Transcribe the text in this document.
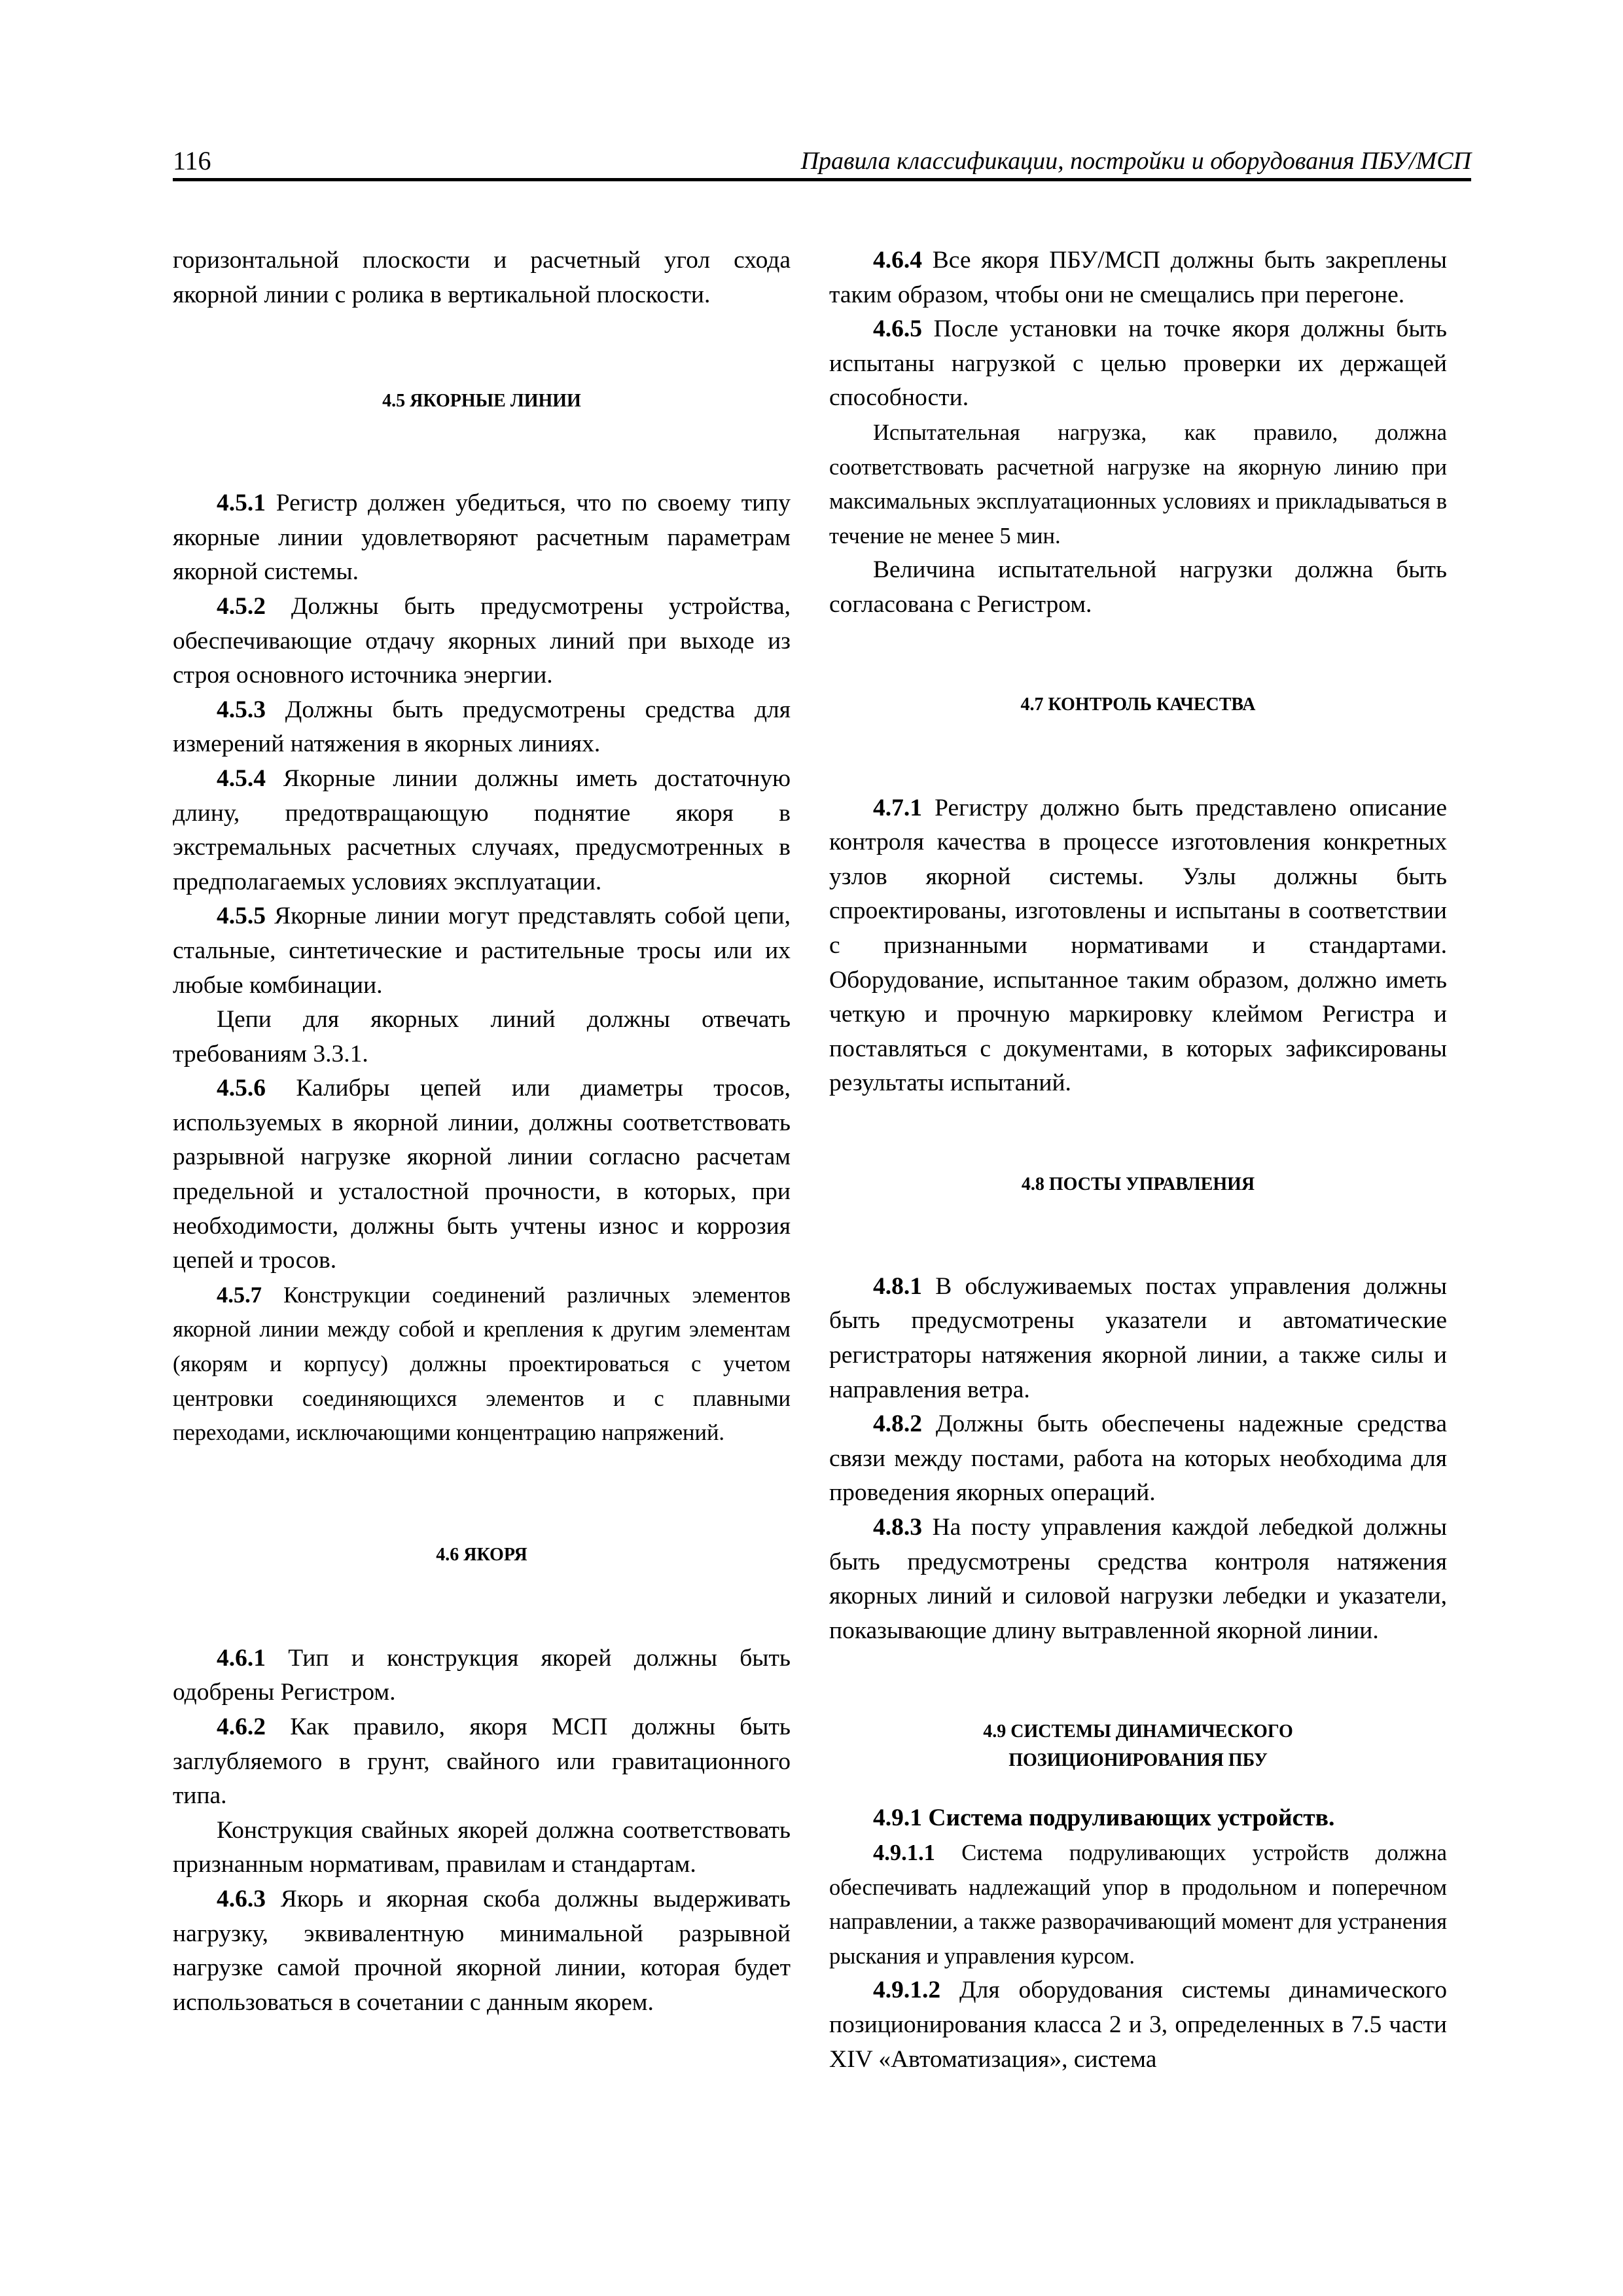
116	Правила классификации, постройки и оборудования ПБУ/МСП

горизонтальной плоскости и расчетный угол схода якорной линии с ролика в вертикальной плоскости.

4.5 ЯКОРНЫЕ ЛИНИИ

4.5.1 Регистр должен убедиться, что по своему типу якорные линии удовлетворяют расчетным параметрам якорной системы.

4.5.2 Должны быть предусмотрены устройства, обеспечивающие отдачу якорных линий при выходе из строя основного источника энергии.

4.5.3 Должны быть предусмотрены средства для измерений натяжения в якорных линиях.

4.5.4 Якорные линии должны иметь достаточную длину, предотвращающую поднятие якоря в экстремальных расчетных случаях, предусмотренных в предполагаемых условиях эксплуатации.

4.5.5 Якорные линии могут представлять собой цепи, стальные, синтетические и растительные тросы или их любые комбинации.

Цепи для якорных линий должны отвечать требованиям 3.3.1.

4.5.6 Калибры цепей или диаметры тросов, используемых в якорной линии, должны соответствовать разрывной нагрузке якорной линии согласно расчетам предельной и усталостной прочности, в которых, при необходимости, должны быть учтены износ и коррозия цепей и тросов.

4.5.7 Конструкции соединений различных элементов якорной линии между собой и крепления к другим элементам (якорям и корпусу) должны проектироваться с учетом центровки соединяющихся элементов и с плавными переходами, исключающими концентрацию напряжений.

4.6 ЯКОРЯ

4.6.1 Тип и конструкция якорей должны быть одобрены Регистром.

4.6.2 Как правило, якоря МСП должны быть заглубляемого в грунт, свайного или гравитационного типа.

Конструкция свайных якорей должна соответствовать признанным нормативам, правилам и стандартам.

4.6.3 Якорь и якорная скоба должны выдерживать нагрузку, эквивалентную минимальной разрывной нагрузке самой прочной якорной линии, которая будет использоваться в сочетании с данным якорем.

4.6.4 Все якоря ПБУ/МСП должны быть закреплены таким образом, чтобы они не смещались при перегоне.

4.6.5 После установки на точке якоря должны быть испытаны нагрузкой с целью проверки их держащей способности.

Испытательная нагрузка, как правило, должна соответствовать расчетной нагрузке на якорную линию при максимальных эксплуатационных условиях и прикладываться в течение не менее 5 мин.

Величина испытательной нагрузки должна быть согласована с Регистром.

4.7 КОНТРОЛЬ КАЧЕСТВА

4.7.1 Регистру должно быть представлено описание контроля качества в процессе изготовления конкретных узлов якорной системы. Узлы должны быть спроектированы, изготовлены и испытаны в соответствии с признанными нормативами и стандартами. Оборудование, испытанное таким образом, должно иметь четкую и прочную маркировку клеймом Регистра и поставляться с документами, в которых зафиксированы результаты испытаний.

4.8 ПОСТЫ УПРАВЛЕНИЯ

4.8.1 В обслуживаемых постах управления должны быть предусмотрены указатели и автоматические регистраторы натяжения якорной линии, а также силы и направления ветра.

4.8.2 Должны быть обеспечены надежные средства связи между постами, работа на которых необходима для проведения якорных операций.

4.8.3 На посту управления каждой лебедкой должны быть предусмотрены средства контроля натяжения якорных линий и силовой нагрузки лебедки и указатели, показывающие длину вытравленной якорной линии.

4.9 СИСТЕМЫ ДИНАМИЧЕСКОГО
ПОЗИЦИОНИРОВАНИЯ ПБУ

4.9.1 Система подруливающих устройств.

4.9.1.1 Система подруливающих устройств должна обеспечивать надлежащий упор в продольном и поперечном направлении, а также разворачивающий момент для устранения рыскания и управления курсом.

4.9.1.2 Для оборудования системы динамического позиционирования класса 2 и 3, определенных в 7.5 части XIV «Автоматизация», система
